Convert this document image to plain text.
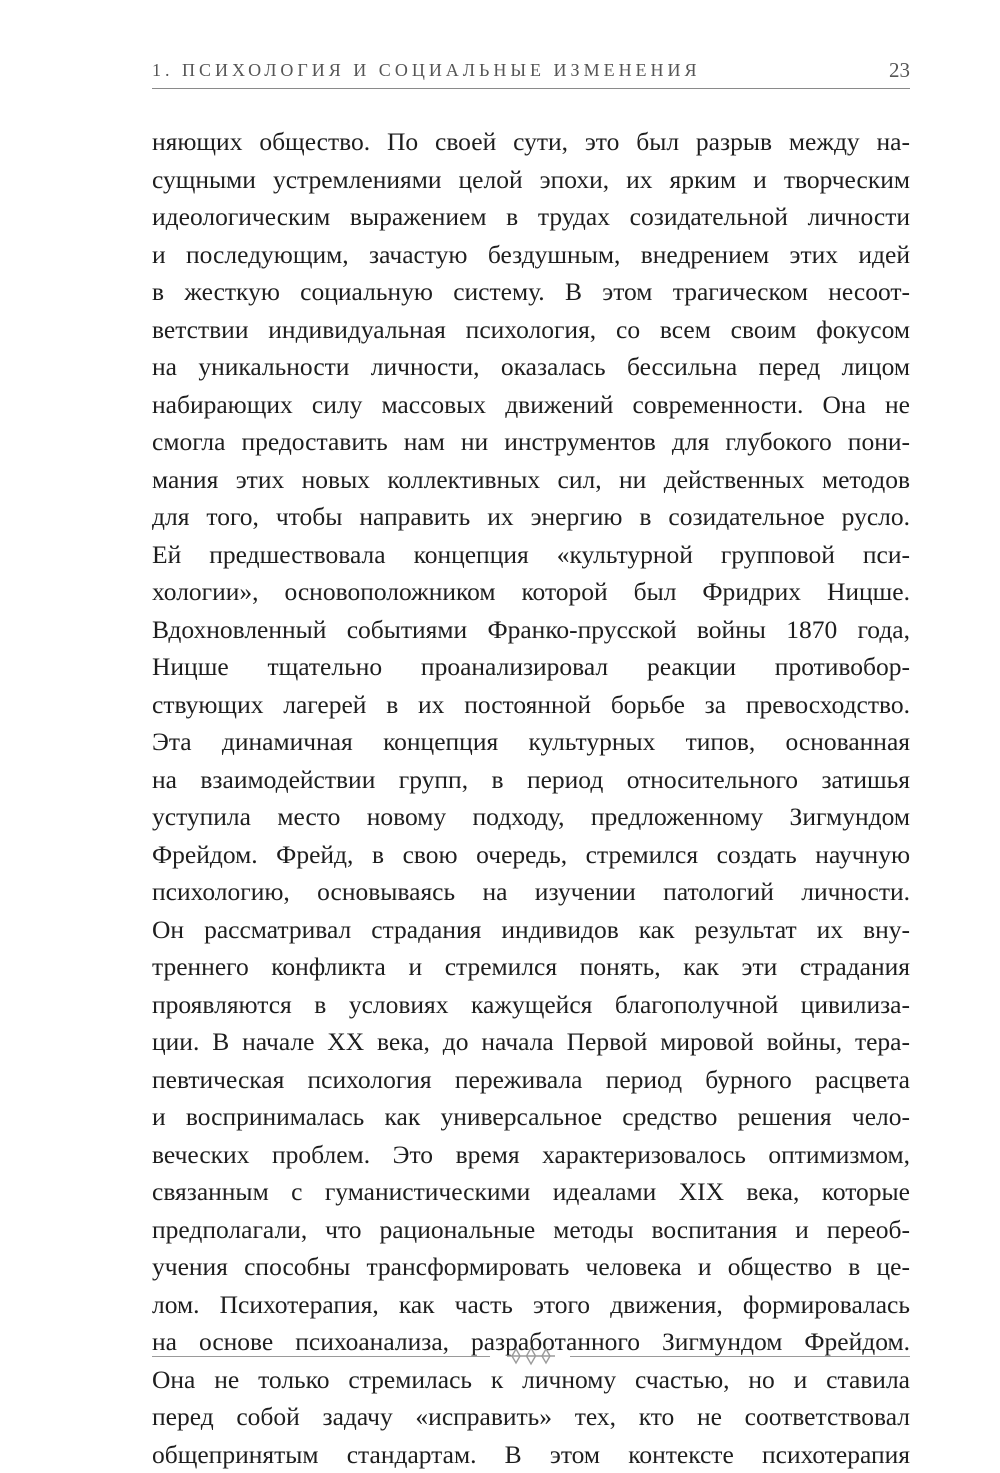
1. ПСИХОЛОГИЯ И СОЦИАЛЬНЫЕ ИЗМЕНЕНИЯ	23
няющих общество. По своей сути, это был разрыв между на-
сущными устремлениями целой эпохи, их ярким и творческим
идеологическим выражением в трудах созидательной личности
и последующим, зачастую бездушным, внедрением этих идей
в жесткую социальную систему. В этом трагическом несоот-
ветствии индивидуальная психология, со всем своим фокусом
на уникальности личности, оказалась бессильна перед лицом
набирающих силу массовых движений современности. Она не
смогла предоставить нам ни инструментов для глубокого пони-
мания этих новых коллективных сил, ни действенных методов
для того, чтобы направить их энергию в созидательное русло.
Ей предшествовала концепция «культурной групповой пси-
хологии», основоположником которой был Фридрих Ницше.
Вдохновленный событиями Франко-прусской войны 1870 года,
Ницше тщательно проанализировал реакции противобор-
ствующих лагерей в их постоянной борьбе за превосходство.
Эта динамичная концепция культурных типов, основанная
на взаимодействии групп, в период относительного затишья
уступила место новому подходу, предложенному Зигмундом
Фрейдом. Фрейд, в свою очередь, стремился создать научную
психологию, основываясь на изучении патологий личности.
Он рассматривал страдания индивидов как результат их вну-
треннего конфликта и стремился понять, как эти страдания
проявляются в условиях кажущейся благополучной цивилиза-
ции. В начале XX века, до начала Первой мировой войны, тера-
певтическая психология переживала период бурного расцвета
и воспринималась как универсальное средство решения чело-
веческих проблем. Это время характеризовалось оптимизмом,
связанным с гуманистическими идеалами XIX века, которые
предполагали, что рациональные методы воспитания и переоб-
учения способны трансформировать человека и общество в це-
лом. Психотерапия, как часть этого движения, формировалась
на основе психоанализа, разработанного Зигмундом Фрейдом.
Она не только стремилась к личному счастью, но и ставила
перед собой задачу «исправить» тех, кто не соответствовал
общепринятым стандартам. В этом контексте психотерапия
